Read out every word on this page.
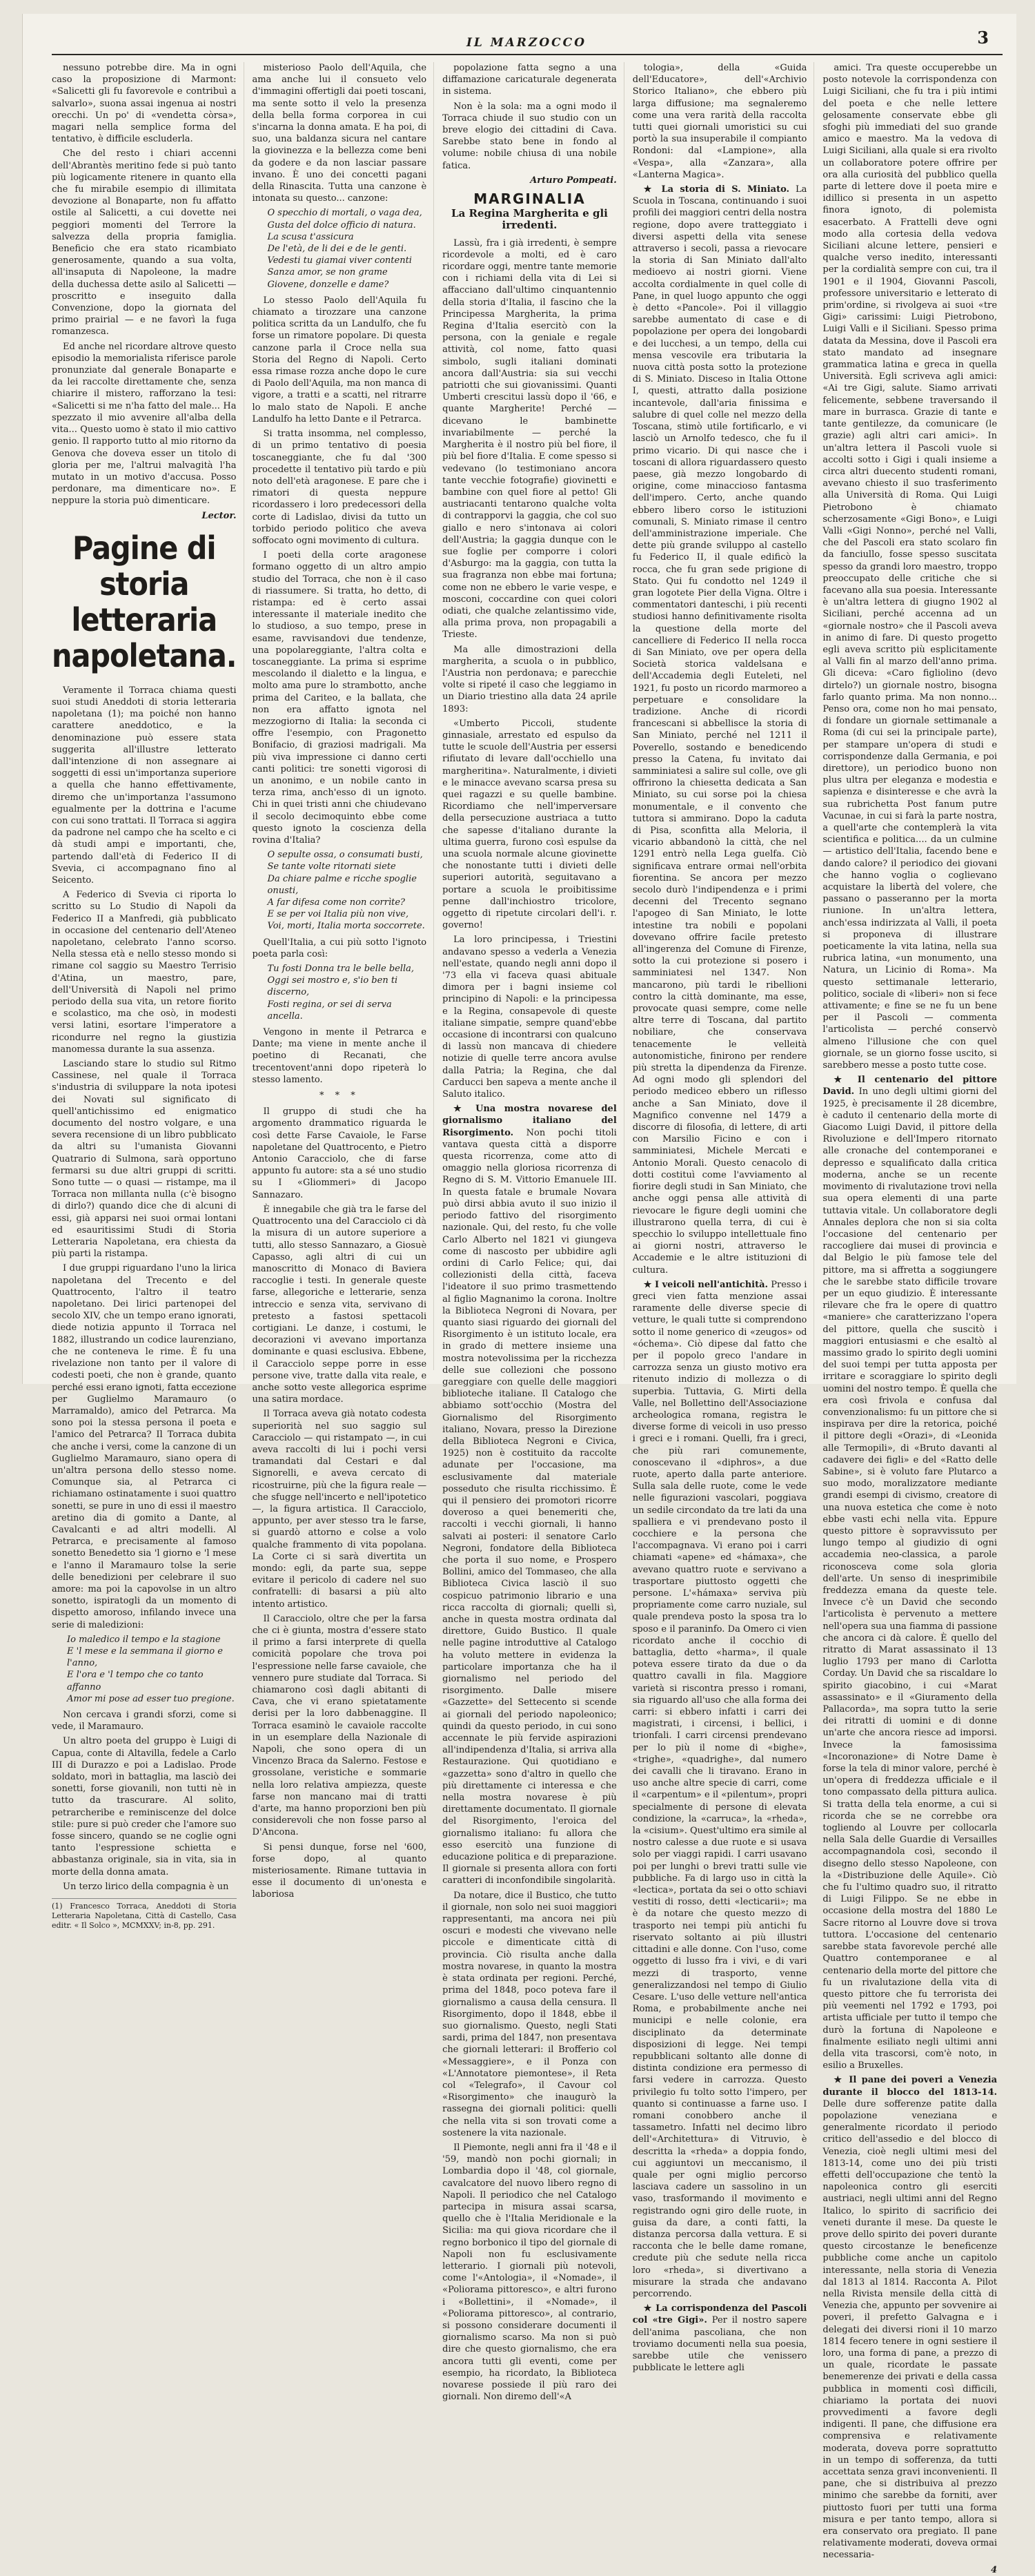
IL MARZOCCO	3

nessuno potrebbe dire. Ma in ogni caso la proposizione di Marmont: «Salicetti gli fu favorevole e contribuì a salvarlo», suona assai ingenua ai nostri orecchi. Un po' di «vendetta còrsa», magari nella semplice forma del tentativo, è difficile escluderla.

Che del resto i chiari accenni dell'Abrantès meritino fede si può tanto più logicamente ritenere in quanto ella che fu mirabile esempio di illimitata devozione al Bonaparte, non fu affatto ostile al Salicetti, a cui dovette nei peggiori momenti del Terrore la salvezza della propria famiglia. Beneficio che era stato ricambiato generosamente, quando a sua volta, all'insaputa di Napoleone, la madre della duchessa dette asilo al Salicetti — proscritto e inseguito dalla Convenzione, dopo la giornata del primo prairial — e ne favorì la fuga romanzesca.

Ed anche nel ricordare altrove questo episodio la memorialista riferisce parole pronunziate dal generale Bonaparte e da lei raccolte direttamente che, senza chiarire il mistero, rafforzano la tesi: «Salicetti si me n'ha fatto del male... Ha spezzato il mio avvenire all'alba della vita... Questo uomo è stato il mio cattivo genio. Il rapporto tutto al mio ritorno da Genova che doveva esser un titolo di gloria per me, l'altrui malvagità l'ha mutato in un motivo d'accusa. Posso perdonare, ma dimenticare no». E neppure la storia può dimenticare.

Lector.

Pagine di storia letteraria napoletana.

Veramente il Torraca chiama questi suoi studi Aneddoti di storia letteraria napoletana (1); ma poiché non hanno carattere aneddotico, e la denominazione può essere stata suggerita all'illustre letterato dall'intenzione di non assegnare ai soggetti di essi un'importanza superiore a quella che hanno effettivamente, diremo che un'importanza l'assumono egualmente per la dottrina e l'acume con cui sono trattati. Il Torraca si aggira da padrone nel campo che ha scelto e ci dà studi ampi e importanti, che, partendo dall'età di Federico II di Svevia, ci accompagnano fino al Seicento.

A Federico di Svevia ci riporta lo scritto su Lo Studio di Napoli da Federico II a Manfredi, già pubblicato in occasione del centenario dell'Ateneo napoletano, celebrato l'anno scorso. Nella stessa età e nello stesso mondo si rimane col saggio su Maestro Terrisio d'Atina, un maestro, pare, dell'Università di Napoli nel primo periodo della sua vita, un retore fiorito e scolastico, ma che osò, in modesti versi latini, esortare l'imperatore a ricondurre nel regno la giustizia manomessa durante la sua assenza.

Lasciando stare lo studio sul Ritmo Cassinese, nel quale il Torraca s'industria di sviluppare la nota ipotesi dei Novati sul significato di quell'antichissimo ed enigmatico documento del nostro volgare, e una severa recensione di un libro pubblicato da altri su l'umanista Giovanni Quatrario di Sulmona, sarà opportuno fermarsi su due altri gruppi di scritti. Sono tutte — o quasi — ristampe, ma il Torraca non millanta nulla (c'è bisogno di dirlo?) quando dice che di alcuni di essi, già apparsi nei suoi ormai lontani ed esauritissimi Studi di Storia Letteraria Napoletana, era chiesta da più parti la ristampa.

I due gruppi riguardano l'uno la lirica napoletana del Trecento e del Quattrocento, l'altro il teatro napoletano. Dei lirici partenopei del secolo XIV, che un tempo erano ignorati, diede notizia appunto il Torraca nel 1882, illustrando un codice laurenziano, che ne conteneva le rime. È fu una rivelazione non tanto per il valore di codesti poeti, che non è grande, quanto perché essi erano ignoti, fatta eccezione per Guglielmo Maramauro (o Marramaldo), amico del Petrarca. Ma sono poi la stessa persona il poeta e l'amico del Petrarca? Il Torraca dubita che anche i versi, come la canzone di un Guglielmo Maramauro, siano opera di un'altra persona dello stesso nome. Comunque sia, al Petrarca ci richiamano ostinatamente i suoi quattro sonetti, se pure in uno di essi il maestro aretino dia di gomito a Dante, al Cavalcanti e ad altri modelli. Al Petrarca, e precisamente al famoso sonetto Benedetto sia 'l giorno e 'l mese e l'anno il Maramauro tolse la serie delle benedizioni per celebrare il suo amore: ma poi la capovolse in un altro sonetto, ispiratogli da un momento di dispetto amoroso, infilando invece una serie di maledizioni:

Io maledico il tempo e la stagione
E 'l mese e la semmana il giorno e l'anno,
E l'ora e 'l tempo che co tanto affanno
Amor mi pose ad esser tuo pregione.

Non cercava i grandi sforzi, come si vede, il Maramauro.

Un altro poeta del gruppo è Luigi di Capua, conte di Altavilla, fedele a Carlo III di Durazzo e poi a Ladislao. Prode soldato, morì in battaglia, ma lasciò dei sonetti, forse giovanili, non tutti nè in tutto da trascurare. Al solito, petrarcheribe e reminiscenze del dolce stile: pure si può creder che l'amore suo fosse sincero, quando se ne coglie ogni tanto l'espressione schietta e abbastanza originale, sia in vita, sia in morte della donna amata.

Un terzo lirico della compagnia è un

(1) Francesco Torraca, Aneddoti di Storia Letteraria Napoletana, Città di Castello, Casa editr. « Il Solco », MCMXXV; in-8, pp. 291.

misterioso Paolo dell'Aquila, che ama anche lui il consueto velo d'immagini offertigli dai poeti toscani, ma sente sotto il velo la presenza della bella forma corporea in cui s'incarna la donna amata. E ha poi, di suo, una baldanza sicura nel cantare la giovinezza e la bellezza come beni da godere e da non lasciar passare invano. È uno dei concetti pagani della Rinascita. Tutta una canzone è intonata su questo... canzone:

O specchio di mortali, o vaga dea,
Gusta del dolce officio di natura.
La scusa t'assicura
De l'età, de li dei e de le genti.
Vedesti tu giamai viver contenti
Sanza amor, se non grame
Giovene, donzelle e dame?

Lo stesso Paolo dell'Aquila fu chiamato a tirozzare una canzone politica scritta da un Landulfo, che fu forse un rimatore popolare. Di questa canzone parla il Croce nella sua Storia del Regno di Napoli. Certo essa rimase rozza anche dopo le cure di Paolo dell'Aquila, ma non manca di vigore, a tratti e a scatti, nel ritrarre lo malo stato de Napoli. E anche Landulfo ha letto Dante e il Petrarca.

Si tratta insomma, nel complesso, di un primo tentativo di poesia toscaneggiante, che fu dal '300 procedette il tentativo più tardo e più noto dell'età aragonese. E pare che i rimatori di questa neppure ricordassero i loro predecessori della corte di Ladislao, divisi da tutto un torbido periodo politico che aveva soffocato ogni movimento di cultura.

I poeti della corte aragonese formano oggetto di un altro ampio studio del Torraca, che non è il caso di riassumere. Si tratta, ho detto, di ristampa: ed è certo assai interessante il materiale inedito che lo studioso, a suo tempo, prese in esame, ravvisandovi due tendenze, una popolareggiante, l'altra colta e toscaneggiante. La prima si esprime mescolando il dialetto e la lingua, e molto ama pure lo strambotto, anche prima del Cariteo, e la ballata, che non era affatto ignota nel mezzogiorno di Italia: la seconda ci offre l'esempio, con Pragonetto Bonifacio, di graziosi madrigali. Ma più viva impressione ci danno certi canti politici: tre sonetti vigorosi di un anonimo, e un nobile canto in terza rima, anch'esso di un ignoto. Chi in quei tristi anni che chiudevano il secolo decimoquinto ebbe come questo ignoto la coscienza della rovina d'Italia?

O sepulte ossa, o consumati busti,
Se tante volte ritornati siete
Da chiare palme e ricche spoglie onusti,
A far difesa come non corrìte?
E se per voi Italia più non vive,
Voi, morti, Italia morta soccorrete.

Quell'Italia, a cui più sotto l'ignoto poeta parla così:

Tu fosti Donna tra le belle bella,
Oggi sei mostro e, s'io ben ti discerno,
Fosti regina, or sei di serva ancella.

Vengono in mente il Petrarca e Dante; ma viene in mente anche il poetino di Recanati, che trecentovent'anni dopo ripeterà lo stesso lamento.

* * *

Il gruppo di studi che ha argomento drammatico riguarda le così dette Farse Cavaiole, le Farse napoletane del Quattrocento, e Pietro Antonio Caracciolo, che di farse appunto fu autore: sta a sé uno studio su I «Gliommeri» di Jacopo Sannazaro.

È innegabile che già tra le farse del Quattrocento una del Caracciolo ci dà la misura di un autore superiore a tutti, allo stesso Sannazaro, a Giosuè Capasso, agli altri di cui un manoscritto di Monaco di Baviera raccoglie i testi. In generale queste farse, allegoriche e letterarie, senza intreccio e senza vita, servivano di pretesto a fastosi spettacoli cortigiani. Le danze, i costumi, le decorazioni vi avevano importanza dominante e quasi esclusiva. Ebbene, il Caracciolo seppe porre in esse persone vive, tratte dalla vita reale, e anche sotto veste allegorica esprime una satira mordace.

Il Torraca aveva già notato codesta superiorità nel suo saggio sul Caracciolo — qui ristampato —, in cui aveva raccolti di lui i pochi versi tramandati dal Cestari e dal Signorelli, e aveva cercato di ricostruirne, più che la figura reale — che sfugge nell'incerto e nell'ipotetico —, la figura artistica. Il Caracciolo, appunto, per aver stesso tra le farse, si guardò attorno e colse a volo qualche frammento di vita popolana. La Corte ci si sarà divertita un mondo: egli, da parte sua, seppe evitare il pericolo di cadere nel suo confratelli: di basarsi a più alto intento artistico.

Il Caracciolo, oltre che per la farsa che ci è giunta, mostra d'essere stato il primo a farsi interprete di quella comicità popolare che trova poi l'espressione nelle farse cavaiole, che vennero pure studiate dal Torraca. Si chiamarono così dagli abitanti di Cava, che vi erano spietatamente derisi per la loro dabbenaggine. Il Torraca esaminò le cavaiole raccolte in un esemplare della Nazionale di Napoli, che sono opera di un Vincenzo Braca da Salerno. Festose e grossolane, veristiche e sommarie nella loro relativa ampiezza, queste farse non mancano mai di tratti d'arte, ma hanno proporzioni ben più considerevoli che non fosse parso al D'Ancona.

Si pensi dunque, forse nel '600, forse dopo, al quanto misteriosamente. Rimane tuttavia in esse il documento di un'onesta e laboriosa

popolazione fatta segno a una diffamazione caricaturale degenerata in sistema.

Non è la sola: ma a ogni modo il Torraca chiude il suo studio con un breve elogio dei cittadini di Cava. Sarebbe stato bene in fondo al volume: nobile chiusa di una nobile fatica.

Arturo Pompeati.

MARGINALIA
La Regina Margherita e gli irredenti.

Lassù, fra i già irredenti, è sempre ricordevole a molti, ed è caro ricordare oggi, mentre tante memorie con i richiami della vita di Lei si affacciano dall'ultimo cinquantennio della storia d'Italia, il fascino che la Principessa Margherita, la prima Regina d'Italia esercitò con la persona, con la geniale e regale attività, col nome, fatto quasi simbolo, sugli italiani dominati ancora dall'Austria: sia sui vecchi patriotti che sui giovanissimi. Quanti Umberti crescitui lassù dopo il '66, e quante Margherite! Perché — dicevano le bambinette invariabilmente — perché la Margherita è il nostro più bel fiore, il più bel fiore d'Italia. E come spesso si vedevano (lo testimoniano ancora tante vecchie fotografie) giovinetti e bambine con quel fiore al petto! Gli austriacanti tentarono qualche volta di contrapporvi la gaggia, che col suo giallo e nero s'intonava ai colori dell'Austria; la gaggia dunque con le sue foglie per comporre i colori d'Asburgo: ma la gaggia, con tutta la sua fragranza non ebbe mai fortuna; come non ne ebbero le varie vespe, e mosconi, coccardine con quei colori odiati, che qualche zelantissimo vide, alla prima prova, non propagabili a Trieste.

Ma alle dimostrazioni della margherita, a scuola o in pubblico, l'Austria non perdonava; e parecchie volte si ripeté il caso che leggiamo in un Diario triestino alla data 24 aprile 1893:

«Umberto Piccoli, studente ginnasiale, arrestato ed espulso da tutte le scuole dell'Austria per essersi rifiutato di levare dall'occhiello una margheritina». Naturalmente, i divieti e le minacce avevano scarsa presa su quei ragazzi e su quelle bambine. Ricordiamo che nell'imperversare della persecuzione austriaca a tutto che sapesse d'italiano durante la ultima guerra, furono così espulse da una scuola normale alcune giovinette che nonostante tutti i divieti delle superiori autorità, seguitavano a portare a scuola le proibitissime penne dall'inchiostro tricolore, oggetto di ripetute circolari dell'i. r. governo!

La loro principessa, i Triestini andavano spesso a vederla a Venezia nell'estate, quando negli anni dopo il '73 ella vi faceva quasi abituale dimora per i bagni insieme col principino di Napoli: e la principessa e la Regina, consapevole di queste italiane simpatie, sempre quand'ebbe occasione di incontrarsi con qualcuno di lassù non mancava di chiedere notizie di quelle terre ancora avulse dalla Patria; la Regina, che dal Carducci ben sapeva a mente anche il Saluto italico.

★ Una mostra novarese del giornalismo italiano del Risorgimento. Non pochi titoli vantava questa città a disporre questa ricorrenza, come atto di omaggio nella gloriosa ricorrenza di Regno di S. M. Vittorio Emanuele III. In questa fatale e brumale Novara può dirsi abbia avuto il suo inizio il periodo fattivo del risorgimento nazionale. Qui, del resto, fu che volle Carlo Alberto nel 1821 vi giungeva come di nascosto per ubbidire agli ordini di Carlo Felice; qui, dai collezionisti della città, faceva l'ideatore il suo primo trasmettendo al figlio Magnanimo la corona. Inoltre la Biblioteca Negroni di Novara, per quanto siasi riguardo dei giornali del Risorgimento è un istituto locale, era in grado di mettere insieme una mostra notevolissima per la ricchezza delle sue collezioni che possono gareggiare con quelle delle maggiori biblioteche italiane. Il Catalogo che abbiamo sott'occhio (Mostra del Giornalismo del Risorgimento italiano, Novara, presso la Direzione della Biblioteca Negroni e Civica, 1925) non è costituito da raccolte adunate per l'occasione, ma esclusivamente dal materiale posseduto che risulta ricchissimo. È qui il pensiero dei promotori ricorre doveroso a quei benemeriti che, raccolti i vecchi giornali, li hanno salvati ai posteri: il senatore Carlo Negroni, fondatore della Biblioteca che porta il suo nome, e Prospero Bollini, amico del Tommaseo, che alla Biblioteca Civica lasciò il suo cospicuo patrimonio librario e una ricca raccolta di giornali; quelli sì, anche in questa mostra ordinata dal direttore, Guido Bustico. Il quale nelle pagine introduttive al Catalogo ha voluto mettere in evidenza la particolare importanza che ha il giornalismo nel periodo del risorgimento. Dalle misere «Gazzette» del Settecento si scende ai giornali del periodo napoleonico; quindi da questo periodo, in cui sono accennate le più fervide aspirazioni all'indipendenza d'Italia, si arriva alla Restaurazione. Qui quotidiano e «gazzetta» sono d'altro in quello che più direttamente ci interessa e che nella mostra novarese è più direttamente documentato. Il giornale del Risorgimento, l'eroica del giornalismo italiano: fu allora che esso esercitò una funzione di educazione politica e di preparazione. Il giornale si presenta allora con forti caratteri di inconfondibile singolarità.

Da notare, dice il Bustico, che tutto il giornale, non solo nei suoi maggiori rappresentanti, ma ancora nei più oscuri e modesti che vivevano nelle piccole e dimenticate città di provincia. Ciò risulta anche dalla mostra novarese, in quanto la mostra è stata ordinata per regioni. Perché, prima del 1848, poco poteva fare il giornalismo a causa della censura. Il Risorgimento, dopo il 1848, ebbe il suo giornalismo. Questo, negli Stati sardi, prima del 1847, non presentava che giornali letterari: il Brofferio col «Messaggiere», e il Ponza con «L'Annotatore piemontese», il Reta col «Telegrafo», il Cavour col «Risorgimento» che inaugurò la rassegna dei giornali politici: quelli che nella vita si son trovati come a sostenere la vita nazionale.

Il Piemonte, negli anni fra il '48 e il '59, mandò non pochi giornali; in Lombardia dopo il '48, col giornale, cavalcatore del nuovo libero regno di Napoli. Il periodico che nel Catalogo partecipa in misura assai scarsa, quello che è l'Italia Meridionale e la Sicilia: ma qui giova ricordare che il regno borbonico il tipo del giornale di Napoli non fu esclusivamente letterario. I giornali più notevoli, come l'«Antologia», il «Nomade», il «Poliorama pittoresco», e altri furono i «Bollettini», il «Nomade», il «Poliorama pittoresco», al contrario, si possono considerare documenti il giornalismo scarso. Ma non si può dire che questo giornalismo, che era ancora tutti gli eventi, come per esempio, ha ricordato, la Biblioteca novarese possiede il più raro dei giornali. Non diremo dell'«A

tologia», della «Guida dell'Educatore», dell'«Archivio Storico Italiano», che ebbero più larga diffusione; ma segnaleremo come una vera rarità della raccolta tutti quei giornali umoristici su cui portò la sua insuperabile il compianto Rondoni: dal «Lampione», alla «Vespa», alla «Zanzara», alla «Lanterna Magica».

★ La storia di S. Miniato. La Scuola in Toscana, continuando i suoi profili dei maggiori centri della nostra regione, dopo avere tratteggiato i diversi aspetti della vita senese attraverso i secoli, passa a rievocare la storia di San Miniato dall'alto medioevo ai nostri giorni. Viene accolta cordialmente in quel colle di Pane, in quel luogo appunto che oggi è detto «Pancole». Poi il villaggio sarebbe aumentato di case e di popolazione per opera dei longobardi e dei lucchesi, a un tempo, della cui mensa vescovile era tributaria la nuova città posta sotto la protezione di S. Miniato. Disceso in Italia Ottone I, questi, attratto dalla posizione incantevole, dall'aria finissima e salubre di quel colle nel mezzo della Toscana, stimò utile fortificarlo, e vi lasciò un Arnolfo tedesco, che fu il primo vicario. Di qui nasce che i toscani di allora riguardassero questo paese, già mezzo longobardo di origine, come minaccioso fantasma dell'impero. Certo, anche quando ebbero libero corso le istituzioni comunali, S. Miniato rimase il centro dell'amministrazione imperiale. Che dette più grande sviluppo al castello fu Federico II, il quale edificò la rocca, che fu gran sede prigione di Stato. Qui fu condotto nel 1249 il gran logotete Pier della Vigna. Oltre i commentatori danteschi, i più recenti studiosi hanno definitivamente risolta la questione della morte del cancelliere di Federico II nella rocca di San Miniato, ove per opera della Società storica valdelsana e dell'Accademia degli Euteleti, nel 1921, fu posto un ricordo marmoreo a perpetuare e consolidare la tradizione. Anche di ricordi francescani si abbellisce la storia di San Miniato, perché nel 1211 il Poverello, sostando e benedicendo presso la Catena, fu invitato dai samminiatesi a salire sul colle, ove gli offrirono la chiesetta dedicata a San Miniato, su cui sorse poi la chiesa monumentale, e il convento che tuttora si ammirano. Dopo la caduta di Pisa, sconfitta alla Meloria, il vicario abbandonò la città, che nel 1291 entrò nella Lega guelfa. Ciò significava entrare ormai nell'orbita fiorentina. Se ancora per mezzo secolo durò l'indipendenza e i primi decenni del Trecento segnano l'apogeo di San Miniato, le lotte intestine tra nobili e popolani dovevano offrire facile pretesto all'ingerenza del Comune di Firenze, sotto la cui protezione si posero i samminiatesi nel 1347. Non mancarono, più tardi le ribellioni contro la città dominante, ma esse, provocate quasi sempre, come nelle altre terre di Toscana, dal partito nobiliare, che conservava tenacemente le velleità autonomistiche, finirono per rendere più stretta la dipendenza da Firenze. Ad ogni modo gli splendori del periodo mediceo ebbero un riflesso anche a San Miniato, dove il Magnifico convenne nel 1479 a discorre di filosofia, di lettere, di arti con Marsilio Ficino e con i samminiatesi, Michele Mercati e Antonio Morali. Questo cenacolo di dotti costituì come l'avviamento al fiorire degli studi in San Miniato, che anche oggi pensa alle attività di rievocare le figure degli uomini che illustrarono quella terra, di cui è specchio lo sviluppo intellettuale fino ai giorni nostri, attraverso le Accademie e le altre istituzioni di cultura.

★ I veicoli nell'antichità. Presso i greci vien fatta menzione assai raramente delle diverse specie di vetture, le quali tutte si comprendono sotto il nome generico di «zeugos» od «óchema». Ciò dipese dal fatto che per il popolo greco l'andare in carrozza senza un giusto motivo era ritenuto indizio di mollezza o di superbia. Tuttavia, G. Mirti della Valle, nel Bollettino dell'Associazione archeologica romana, registra le diverse forme di veicoli in uso presso i greci e i romani. Quelli, fra i greci, che più rari comunemente, conoscevano il «diphros», a due ruote, aperto dalla parte anteriore. Sulla sala delle ruote, come le vede nelle figurazioni vascolari, poggiava un sedile circondato da tre lati da una spalliera e vi prendevano posto il cocchiere e la persona che l'accompagnava. Vi erano poi i carri chiamati «apene» ed «hámaxa», che avevano quattro ruote e servivano a trasportare piuttosto oggetti che persone. L'«hámaxa» serviva più propriamente come carro nuziale, sul quale prendeva posto la sposa tra lo sposo e il paraninfo. Da Omero ci vien ricordato anche il cocchio di battaglia, detto «harma», il quale poteva essere tirato da due o da quattro cavalli in fila. Maggiore varietà si riscontra presso i romani, sia riguardo all'uso che alla forma dei carri: si ebbero infatti i carri dei magistrati, i circensi, i bellici, i trionfali. I carri circensi prendevano per lo più il nome di «bighe», «trighe», «quadrighe», dal numero dei cavalli che li tiravano. Erano in uso anche altre specie di carri, come il «carpentum» e il «pilentum», propri specialmente di persone di elevata condizione, la «carruca», la «rheda», la «cisium». Quest'ultimo era simile al nostro calesse a due ruote e si usava solo per viaggi rapidi. I carri usavano poi per lunghi o brevi tratti sulle vie pubbliche. Fa di largo uso in città la «lectica», portata da sei o otto schiavi vestiti di rosso, detti «lecticarii»; ma è da notare che questo mezzo di trasporto nei tempi più antichi fu riservato soltanto ai più illustri cittadini e alle donne. Con l'uso, come oggetto di lusso fra i vivi, e di vari mezzi di trasporto, venne generalizzandosi nel tempo di Giulio Cesare. L'uso delle vetture nell'antica Roma, e probabilmente anche nei municipi e nelle colonie, era disciplinato da determinate disposizioni di legge. Nei tempi repubblicani soltanto alle donne di distinta condizione era permesso di farsi vedere in carrozza. Questo privilegio fu tolto sotto l'impero, per quanto si continuasse a farne uso. I romani conobbero anche il tassametro. Infatti nel decimo libro dell'«Architettura» di Vitruvio, è descritta la «rheda» a doppia fondo, cui aggiuntovi un meccanismo, il quale per ogni miglio percorso lasciava cadere un sassolino in un vaso, trasformando il movimento e registrando ogni giro delle ruote, in guisa da dare, a conti fatti, la distanza percorsa dalla vettura. E si racconta che le belle dame romane, credute più che sedute nella ricca loro «rheda», si divertivano a misurare la strada che andavano percorrendo.

★ La corrispondenza del Pascoli col «tre Gigi». Per il nostro sapere dell'anima pascoliana, che non troviamo documenti nella sua poesia, sarebbe utile che venissero pubblicate le lettere agli

amici. Tra queste occuperebbe un posto notevole la corrispondenza con Luigi Siciliani, che fu tra i più intimi del poeta e che nelle lettere gelosamente conservate ebbe gli sfoghi più immediati del suo grande amico e maestro. Ma la vedova di Luigi Siciliani, alla quale si era rivolto un collaboratore potere offrire per ora alla curiosità del pubblico quella parte di lettere dove il poeta mire e idillico si presenta in un aspetto finora ignoto, di polemista esacerbato. A Frattelli deve ogni modo alla cortesia della vedova Siciliani alcune lettere, pensieri e qualche verso inedito, interessanti per la cordialità sempre con cui, tra il 1901 e il 1904, Giovanni Pascoli, professore universitario e letterato di prim'ordine, si rivolgeva ai suoi «tre Gigi» carissimi: Luigi Pietrobono, Luigi Valli e il Siciliani. Spesso prima datata da Messina, dove il Pascoli era stato mandato ad insegnare grammatica latina e greca in quella Università. Egli scriveva agli amici: «Ai tre Gigi, salute. Siamo arrivati felicemente, sebbene traversando il mare in burrasca. Grazie di tante e tante gentilezze, da comunicare (le grazie) agli altri cari amici». In un'altra lettera il Pascoli vuole si accolti sotto i Gigi i quali insieme a circa altri duecento studenti romani, avevano chiesto il suo trasferimento alla Università di Roma. Qui Luigi Pietrobono è chiamato scherzosamente «Gigi Bono», e Luigi Valli «Gigi Nonno», perché nel Valli, che del Pascoli era stato scolaro fin da fanciullo, fosse spesso suscitata spesso da grandi loro maestro, troppo preoccupato delle critiche che si facevano alla sua poesia. Interessante è un'altra lettera di giugno 1902 al Siciliani, perché accenna ad un «giornale nostro» che il Pascoli aveva in animo di fare. Di questo progetto egli aveva scritto più esplicitamente al Valli fin al marzo dell'anno prima. Gli diceva: «Caro figliolino (devo dirtelo?) un giornale nostro, bisogna farlo quanto prima. Ma non nonno... Penso ora, come non ho mai pensato, di fondare un giornale settimanale a Roma (di cui sei la principale parte), per stampare un'opera di studi e corrispondenze dalla Germania, e poi direttore), un periodico buono non plus ultra per eleganza e modestia e sapienza e disinteresse e che avrà la sua rubrichetta Post fanum putre Vacunae, in cui si farà la parte nostra, a quell'arte che contemplerà la vita scientifica e politica.... da un culmine — artistico dell'Italia, facendo bene e dando calore? il periodico dei giovani che hanno voglia o coglievano acquistare la libertà del volere, che passano o passeranno per la morta riunione. In un'altra lettera, anch'essa indirizzata al Valli, il poeta si proponeva di illustrare poeticamente la vita latina, nella sua rubrica latina, «un monumento, una Natura, un Licinio di Roma». Ma questo settimanale letterario, politico, sociale di «liberi» non si fece attivamente; e fine se ne fu un bene per il Pascoli — commenta l'articolista — perché conservò almeno l'illusione che con quel giornale, se un giorno fosse uscito, si sarebbero messe a posto tutte cose.

★ Il centenario del pittore David. In uno degli ultimi giorni del 1925, è precisamente il 28 dicembre, è caduto il centenario della morte di Giacomo Luigi David, il pittore della Rivoluzione e dell'Impero ritornato alle cronache del contemporanei e depresso e squalificato dalla critica moderna, anche se un recente movimento di rivalutazione trovi nella sua opera elementi di una parte tuttavia vitale. Un collaboratore degli Annales deplora che non si sia colta l'occasione del centenario per raccogliere dai musei di provincia e dal Belgio le più famose tele del pittore, ma si affretta a soggiungere che le sarebbe stato difficile trovare per un equo giudizio. È interessante rilevare che fra le opere di quattro «maniere» che caratterizzano l'opera del pittore, quella che suscitò i maggiori entusiasmi e che esaltò al massimo grado lo spirito degli uomini del suoi tempi per tutta apposta per irritare e scoraggiare lo spirito degli uomini del nostro tempo. È quella che era così frivola e confusa dal convenzionalismo: fu un pittore che si inspirava per dire la retorica, poiché il pittore degli «Orazi», di «Leonida alle Termopili», di «Bruto davanti al cadavere dei figli» e del «Ratto delle Sabine», si è voluto fare Plutarco a suo modo, moralizzatore mediante grandi esempi di civismo, creatore di una nuova estetica che come è noto ebbe vasti echi nella vita. Eppure questo pittore è sopravvissuto per lungo tempo al giudizio di ogni accademia neo-classica, a parole riconosceva come sola gloria dell'arte. Un senso di inesprimibile freddezza emana da queste tele. Invece c'è un David che secondo l'articolista è pervenuto a mettere nell'opera sua una fiamma di passione che ancora ci dà calore. È quello del ritratto di Marat assassinato il 13 luglio 1793 per mano di Carlotta Corday. Un David che sa riscaldare lo spirito giacobino, i cui «Marat assassinato» e il «Giuramento della Pallacorda», ma sopra tutto la serie dei ritratti di uomini e di donne un'arte che ancora riesce ad imporsi. Invece la famosissima «Incoronazione» di Notre Dame è forse la tela di minor valore, perché è un'opera di freddezza ufficiale e il tono compassato della pittura aulica. Si tratta della tela enorme, a cui si ricorda che se ne correbbe ora togliendo al Louvre per collocarla nella Sala delle Guardie di Versailles accompagnandola così, secondo il disegno dello stesso Napoleone, con la «Distribuzione delle Aquile». Ciò che fu l'ultimo quadro suo, il ritratto di Luigi Filippo. Se ne ebbe in occasione della mostra del 1880 Le Sacre ritorno al Louvre dove si trova tuttora. L'occasione del centenario sarebbe stata favorevole perché alle Quattro contemporanee e al centenario della morte del pittore che fu un rivalutazione della vita di questo pittore che fu terrorista dei più veementi nel 1792 e 1793, poi artista ufficiale per tutto il tempo che durò la fortuna di Napoleone e finalmente esiliato negli ultimi anni della vita trascorsi, com'è noto, in esilio a Bruxelles.

★ Il pane dei poveri a Venezia durante il blocco del 1813-14. Delle dure sofferenze patite dalla popolazione veneziana e generalmente ricordato il periodo critico dell'assedio e del blocco di Venezia, cioè negli ultimi mesi del 1813-14, come uno dei più tristi effetti dell'occupazione che tentò la napoleonica contro gli eserciti austriaci, negli ultimi anni del Regno Italico, lo spirito di sacrificio dei veneti durante il mese. Da queste le prove dello spirito dei poveri durante questo circostanze le beneficenze pubbliche come anche un capitolo interessante, nella storia di Venezia dal 1813 al 1814. Racconta A. Pilot nella Rivista mensile della città di Venezia che, appunto per sovvenire ai poveri, il prefetto Galvagna e i delegati dei diversi rioni il 10 marzo 1814 fecero tenere in ogni sestiere il loro, una forma di pane, a prezzo di un quale, ricordate le passate benemerenze dei privati e della cassa pubblica in momenti così difficili, chiariamo la portata dei nuovi provvedimenti a favore degli indigenti. Il pane, che diffusione era comprensiva e relativamente moderata, doveva porre soprattutto in un tempo di sofferenza, da tutti accettata senza gravi inconvenienti. Il pane, che si distribuiva al prezzo minimo che sarebbe da forniti, aver piuttosto fuori per tutti una forma misura e per tanto tempo, allora si era conservato ora pregiato. Il pane relativamente moderati, doveva ormai necessaria-

4
